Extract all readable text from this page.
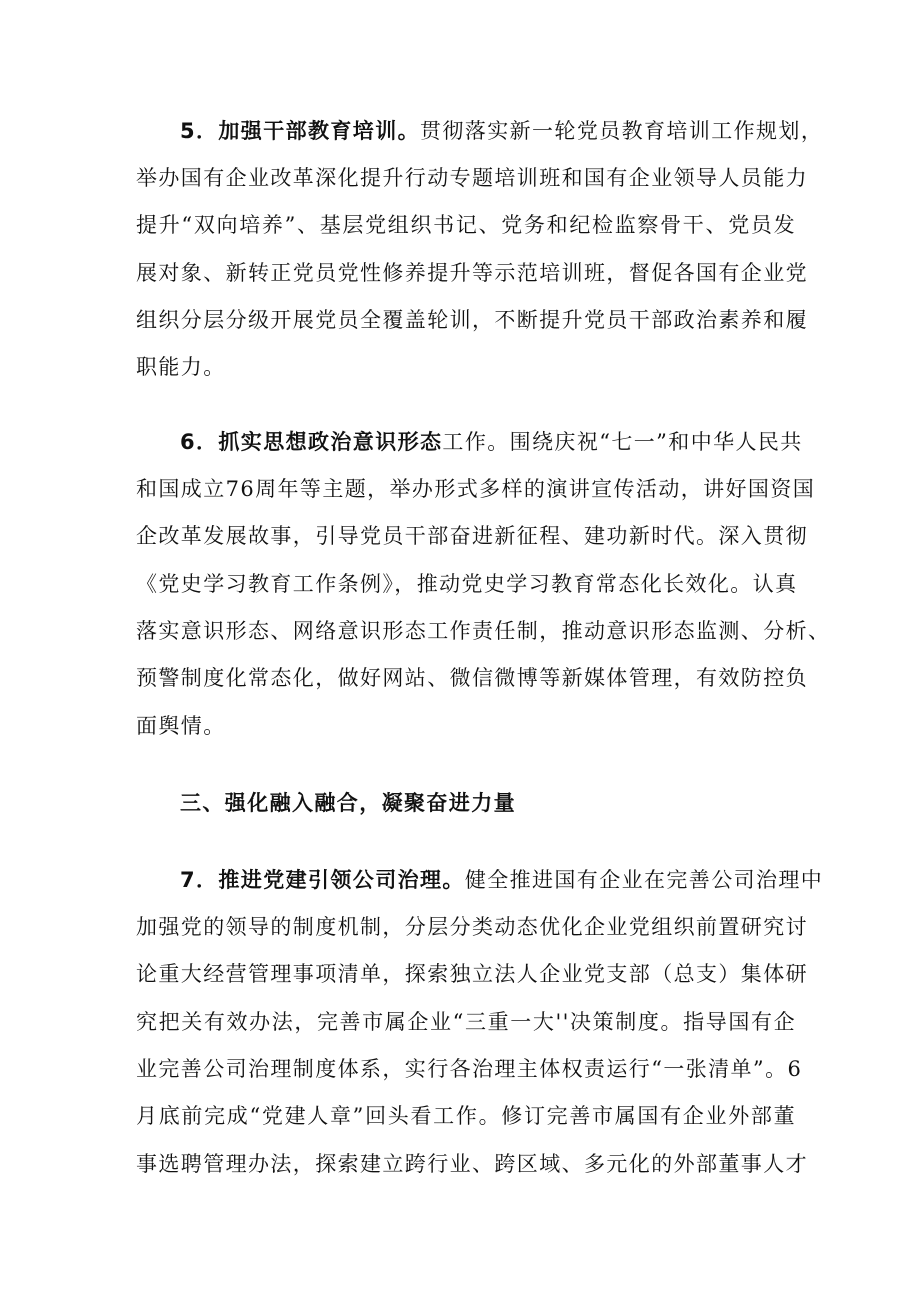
5．加强干部教育培训。贯彻落实新一轮党员教育培训工作规划，
举办国有企业改革深化提升行动专题培训班和国有企业领导人员能力
提升“双向培养”、基层党组织书记、党务和纪检监察骨干、党员发
展对象、新转正党员党性修养提升等示范培训班，督促各国有企业党
组织分层分级开展党员全覆盖轮训，不断提升党员干部政治素养和履
职能力。
6．抓实思想政治意识形态工作。围绕庆祝“七一”和中华人民共
和国成立76周年等主题，举办形式多样的演讲宣传活动，讲好国资国
企改革发展故事，引导党员干部奋进新征程、建功新时代。深入贯彻
《党史学习教育工作条例》，推动党史学习教育常态化长效化。认真
落实意识形态、网络意识形态工作责任制，推动意识形态监测、分析、
预警制度化常态化，做好网站、微信微博等新媒体管理，有效防控负
面舆情。
三、强化融入融合，凝聚奋进力量
7．推进党建引领公司治理。健全推进国有企业在完善公司治理中
加强党的领导的制度机制，分层分类动态优化企业党组织前置研究讨
论重大经营管理事项清单，探索独立法人企业党支部（总支）集体研
究把关有效办法，完善市属企业“三重一大''决策制度。指导国有企
业完善公司治理制度体系，实行各治理主体权责运行“一张清单”。6
月底前完成“党建人章”回头看工作。修订完善市属国有企业外部董
事选聘管理办法，探索建立跨行业、跨区域、多元化的外部董事人才
